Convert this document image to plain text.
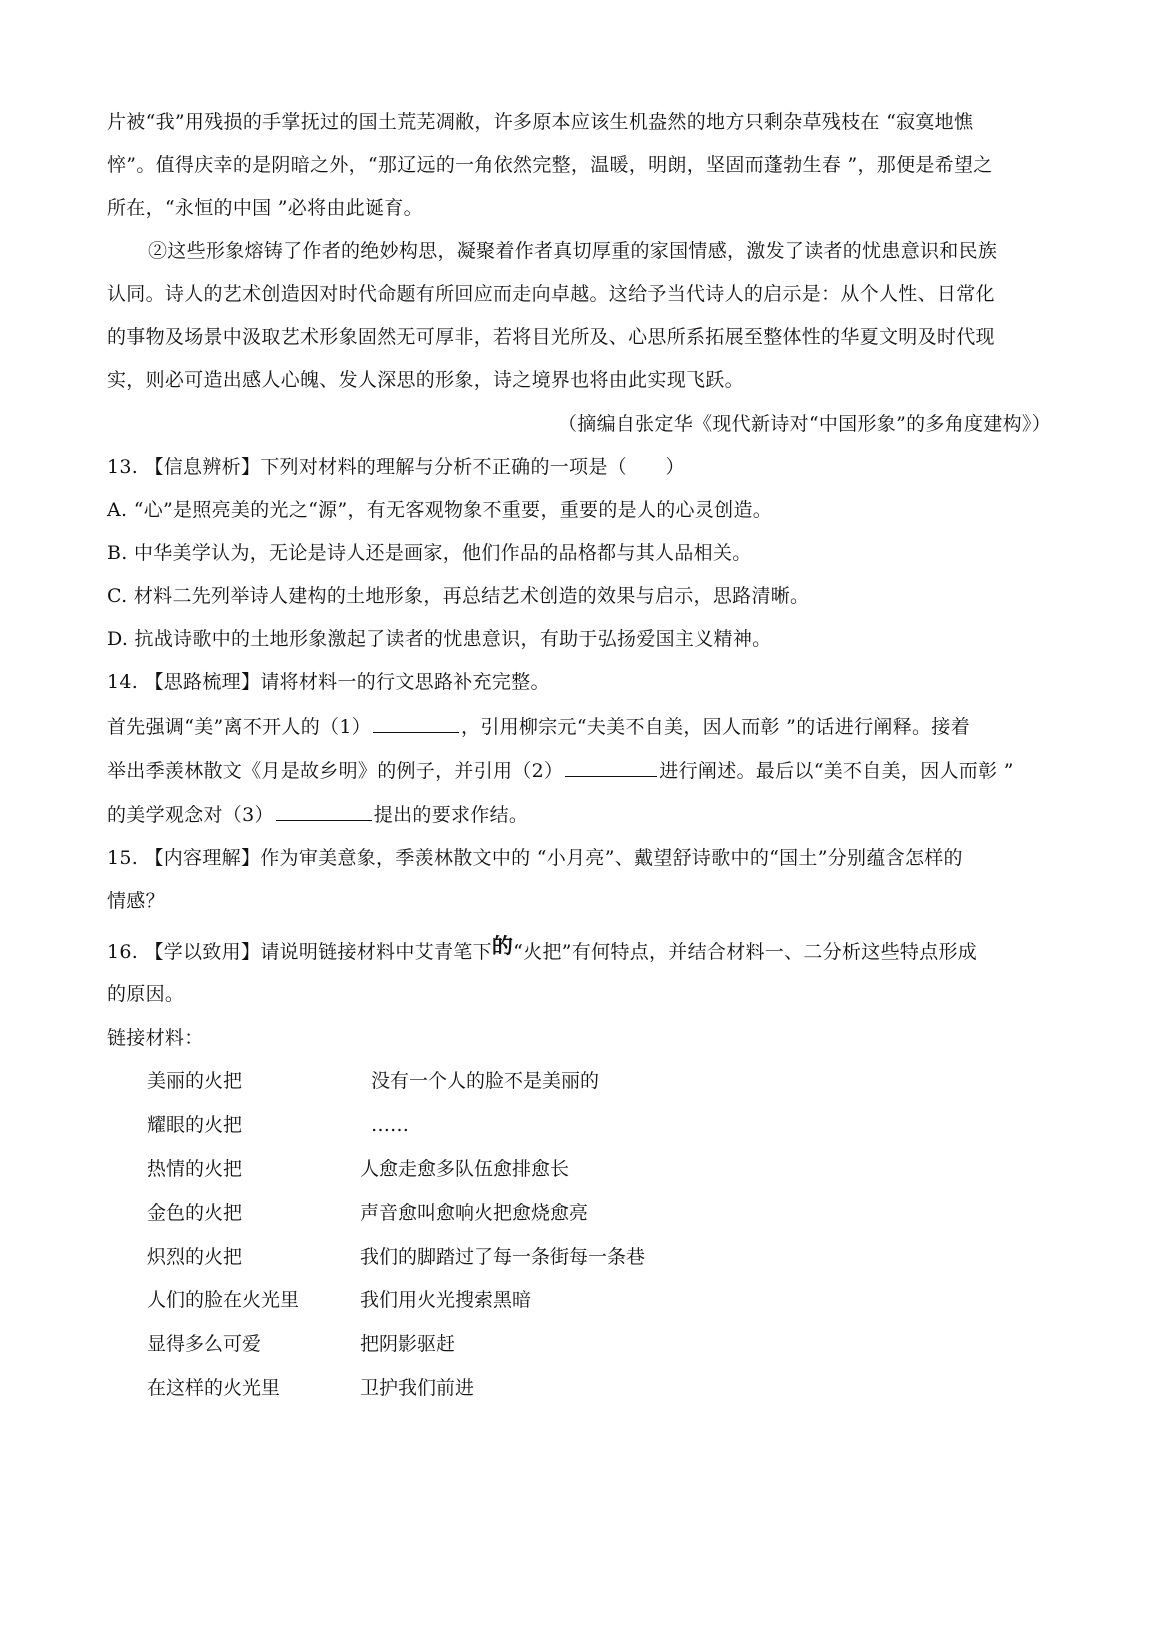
片被“我”用残损的手掌抚过的国土荒芜凋敝，许多原本应该生机盎然的地方只剩杂草残枝在 “寂寞地憔
悴”。值得庆幸的是阴暗之外，“那辽远的一角依然完整，温暖，明朗，坚固而蓬勃生春 ”，那便是希望之
所在，“永恒的中国 ”必将由此诞育。
②这些形象熔铸了作者的绝妙构思，凝聚着作者真切厚重的家国情感，激发了读者的忧患意识和民族
认同。诗人的艺术创造因对时代命题有所回应而走向卓越。这给予当代诗人的启示是：从个人性、日常化
的事物及场景中汲取艺术形象固然无可厚非，若将目光所及、心思所系拓展至整体性的华夏文明及时代现
实，则必可造出感人心魄、发人深思的形象，诗之境界也将由此实现飞跃。
（摘编自张定华《现代新诗对“中国形象”的多角度建构》）
13. 【信息辨析】下列对材料的理解与分析不正确的一项是（　　）
A. “心”是照亮美的光之“源”，有无客观物象不重要，重要的是人的心灵创造。
B. 中华美学认为，无论是诗人还是画家，他们作品的品格都与其人品相关。
C. 材料二先列举诗人建构的土地形象，再总结艺术创造的效果与启示，思路清晰。
D. 抗战诗歌中的土地形象激起了读者的忧患意识，有助于弘扬爱国主义精神。
14. 【思路梳理】请将材料一的行文思路补充完整。
首先强调“美”离不开人的（1）	，引用柳宗元“夫美不自美，因人而彰 ”的话进行阐释。接着
举出季羡林散文《月是故乡明》的例子，并引用（2）	进行阐述。最后以“美不自美，因人而彰 ”
的美学观念对（3）	提出的要求作结。
15. 【内容理解】作为审美意象，季羡林散文中的 “小月亮”、戴望舒诗歌中的“国土”分别蕴含怎样的
情感？
16. 【学以致用】请说明链接材料中艾青笔下的“火把”有何特点，并结合材料一、二分析这些特点形成
的原因。
链接材料：
美丽的火把	没有一个人的脸不是美丽的
耀眼的火把	……
热情的火把	人愈走愈多队伍愈排愈长
金色的火把	声音愈叫愈响火把愈烧愈亮
炽烈的火把	我们的脚踏过了每一条街每一条巷
人们的脸在火光里	我们用火光搜索黑暗
显得多么可爱	把阴影驱赶
在这样的火光里	卫护我们前进
